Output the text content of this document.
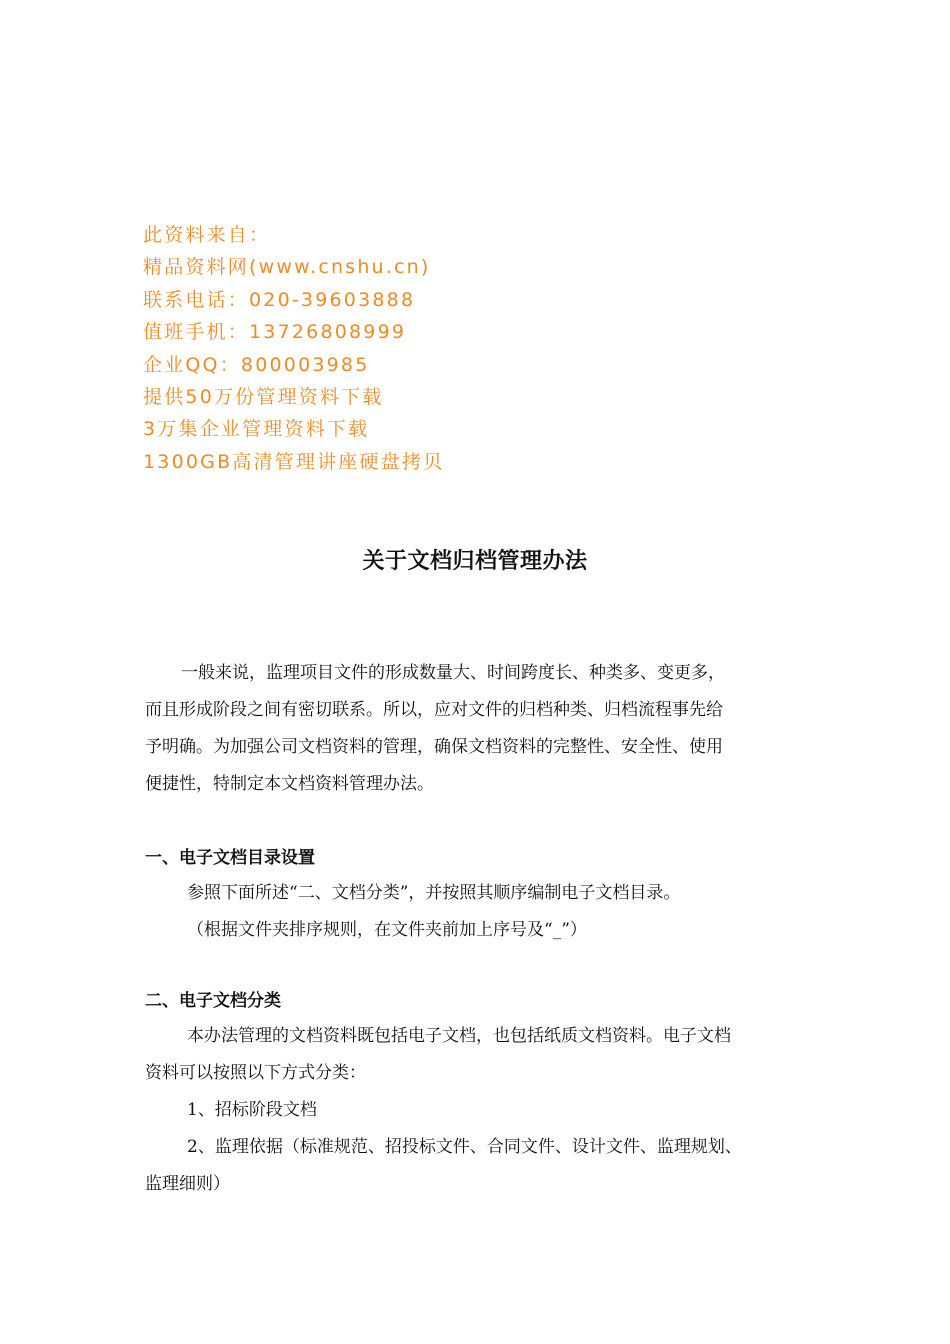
此资料来自：
精品资料网(www.cnshu.cn)
联系电话：020-39603888
值班手机：13726808999
企业QQ：800003985
提供50万份管理资料下载
3万集企业管理资料下载
1300GB高清管理讲座硬盘拷贝
关于文档归档管理办法
一般来说，监理项目文件的形成数量大、时间跨度长、种类多、变更多，
而且形成阶段之间有密切联系。所以，应对文件的归档种类、归档流程事先给
予明确。为加强公司文档资料的管理，确保文档资料的完整性、安全性、使用
便捷性，特制定本文档资料管理办法。
一、电子文档目录设置
参照下面所述“二、文档分类”，并按照其顺序编制电子文档目录。
（根据文件夹排序规则，在文件夹前加上序号及“_”）
二、电子文档分类
本办法管理的文档资料既包括电子文档，也包括纸质文档资料。电子文档
资料可以按照以下方式分类：
1、招标阶段文档
2、监理依据（标准规范、招投标文件、合同文件、设计文件、监理规划、
监理细则）
